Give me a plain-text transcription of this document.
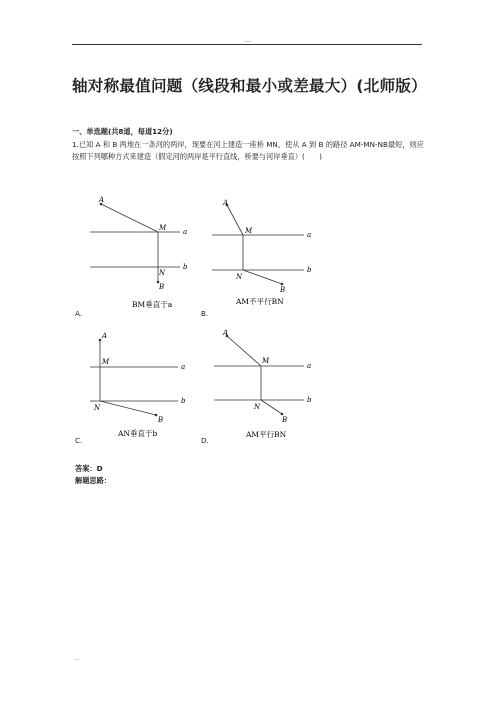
---
轴对称最值问题（线段和最小或差最大）(北师版）
一、单选题(共8道，每道12分)
1.已知 A 和 B 两地在一条河的两岸，现要在河上建造一座桥 MN，使从 A 到 B 的路径 AM-MN-NB最短，则应按照下列哪种方式来建造（假定河的两岸是平行直线，桥要与河岸垂直）(　　)
A
M
N
B
a
b
BM垂直于a
A.
A
M
N
B
a
b
AM不平行BN
B.
A
M
N
B
a
b
AN垂直于b
C.
A
M
N
B
a
b
AM平行BN
D.
答案：D
解题思路：
--
